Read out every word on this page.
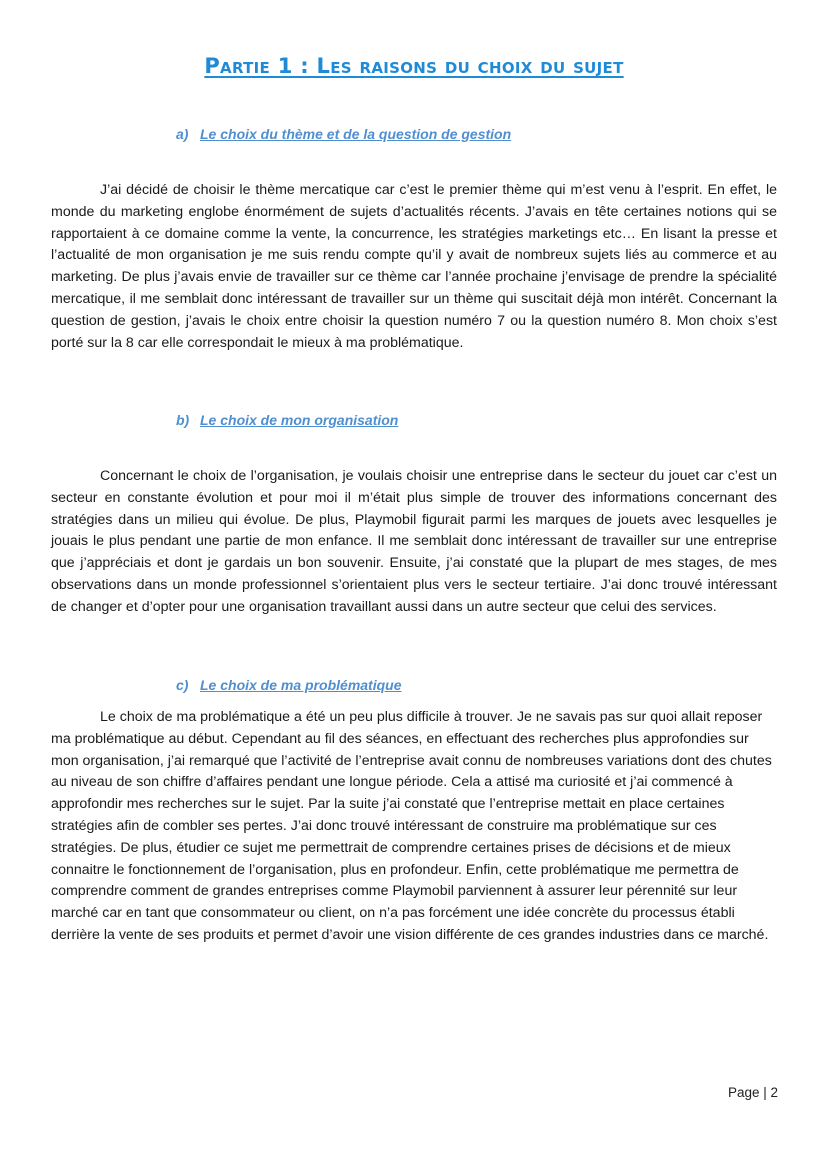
Partie 1 : Les raisons du choix du sujet
a) Le choix du thème et de la question de gestion

J’ai décidé de choisir le thème mercatique car c’est le premier thème qui m’est venu à l’esprit. En effet, le monde du marketing englobe énormément de sujets d’actualités récents. J’avais en tête certaines notions qui se rapportaient à ce domaine comme la vente, la concurrence, les stratégies marketings etc… En lisant la presse et l’actualité de mon organisation je me suis rendu compte qu’il y avait de nombreux sujets liés au commerce et au marketing. De plus j’avais envie de travailler sur ce thème car l’année prochaine j’envisage de prendre la spécialité mercatique, il me semblait donc intéressant de travailler sur un thème qui suscitait déjà mon intérêt. Concernant la question de gestion, j’avais le choix entre choisir la question numéro 7 ou la question numéro 8. Mon choix s’est porté sur la 8 car elle correspondait le mieux à ma problématique.

b) Le choix de mon organisation

Concernant le choix de l’organisation, je voulais choisir une entreprise dans le secteur du jouet car c’est un secteur en constante évolution et pour moi il m’était plus simple de trouver des informations concernant des stratégies dans un milieu qui évolue. De plus, Playmobil figurait parmi les marques de jouets avec lesquelles je jouais le plus pendant une partie de mon enfance. Il me semblait donc intéressant de travailler sur une entreprise que j’appréciais et dont je gardais un bon souvenir. Ensuite, j’ai constaté que la plupart de mes stages, de mes observations dans un monde professionnel s’orientaient plus vers le secteur tertiaire. J’ai donc trouvé intéressant de changer et d’opter pour une organisation travaillant aussi dans un autre secteur que celui des services.

c) Le choix de ma problématique

Le choix de ma problématique a été un peu plus difficile à trouver. Je ne savais pas sur quoi allait reposer ma problématique au début. Cependant au fil des séances, en effectuant des recherches plus approfondies sur mon organisation, j’ai remarqué que l’activité de l’entreprise avait connu de nombreuses variations dont des chutes au niveau de son chiffre d’affaires pendant une longue période. Cela a attisé ma curiosité et j’ai commencé à approfondir mes recherches sur le sujet. Par la suite j’ai constaté que l’entreprise mettait en place certaines stratégies afin de combler ses pertes. J’ai donc trouvé intéressant de construire ma problématique sur ces stratégies. De plus, étudier ce sujet me permettrait de comprendre certaines prises de décisions et de mieux connaitre le fonctionnement de l’organisation, plus en profondeur. Enfin, cette problématique me permettra de comprendre comment de grandes entreprises comme Playmobil parviennent à assurer leur pérennité sur leur marché car en tant que consommateur ou client, on n’a pas forcément une idée concrète du processus établi derrière la vente de ses produits et permet d’avoir une vision différente de ces grandes industries dans ce marché.

Page | 2
